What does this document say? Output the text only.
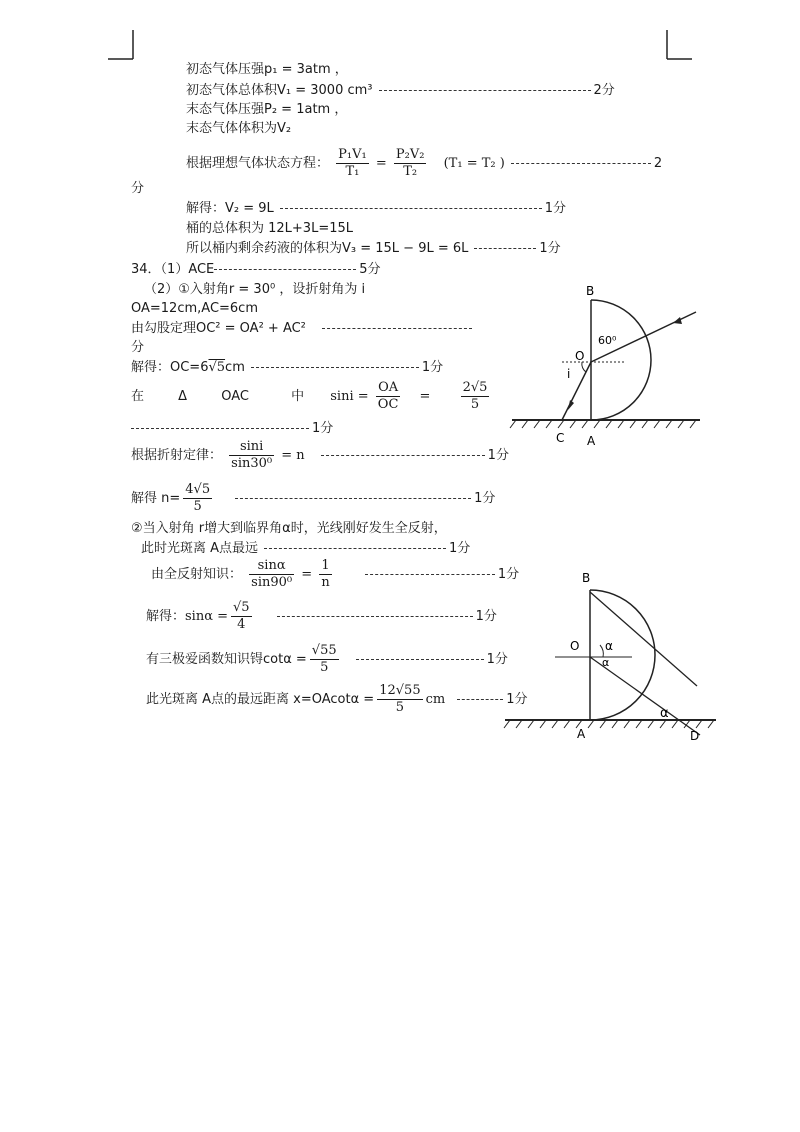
初态气体压强p₁ = 3atm ，
初态气体总体积V₁ = 3000 cm³	2分
末态气体压强P₂ = 1atm ，
末态气体体积为V₂
根据理想气体状态方程： $\frac{\text{P₁V₁}}{\text{T₁}} = \frac{\text{P₂V₂}}{\text{T₂}} (T_1 = T_2$ )	2
分
解得：V₂ = 9L	1分
桶的总体积为 12L+3L=15L
所以桶内剩余药液的体积为V₃ = 15L − 9L = 6L	1分
34．（1）ACE	5分
（2）①入射角r = 30⁰ ，设折射角为 i
OA=12cm,AC=6cm
由勾股定理OC² = OA² + AC²
分
解得：OC=6√5cm	1分
在	Δ	OAC	中 $\sin i = \frac{OA}{OC} = \frac{2√5}{5}$
1分
根据折射定律： $\frac{\sin i}{\text{sin30⁰}} = n$	1分
解得 $n= \frac{4√5}{5}$	1分
②当入射角 r增大到临界角α时，光线刚好发生全反射，
此时光斑离 A点最远	1分
由全反射知识： $\frac{\sin\alpha}{\text{sin90⁰}} = \frac{1}{n}$	1分
解得：$\sin\alpha = \frac{√5}{4}$	1分
有三极爱函数知识锝$\cot\alpha = \frac{√55}{5}$	1分
此光斑离 A点的最远距离 $x=OAcot\alpha = \frac{12√55}{5}$ cm	1分
B
O
i
60⁰
C A
B
O α
α
α
A	D
